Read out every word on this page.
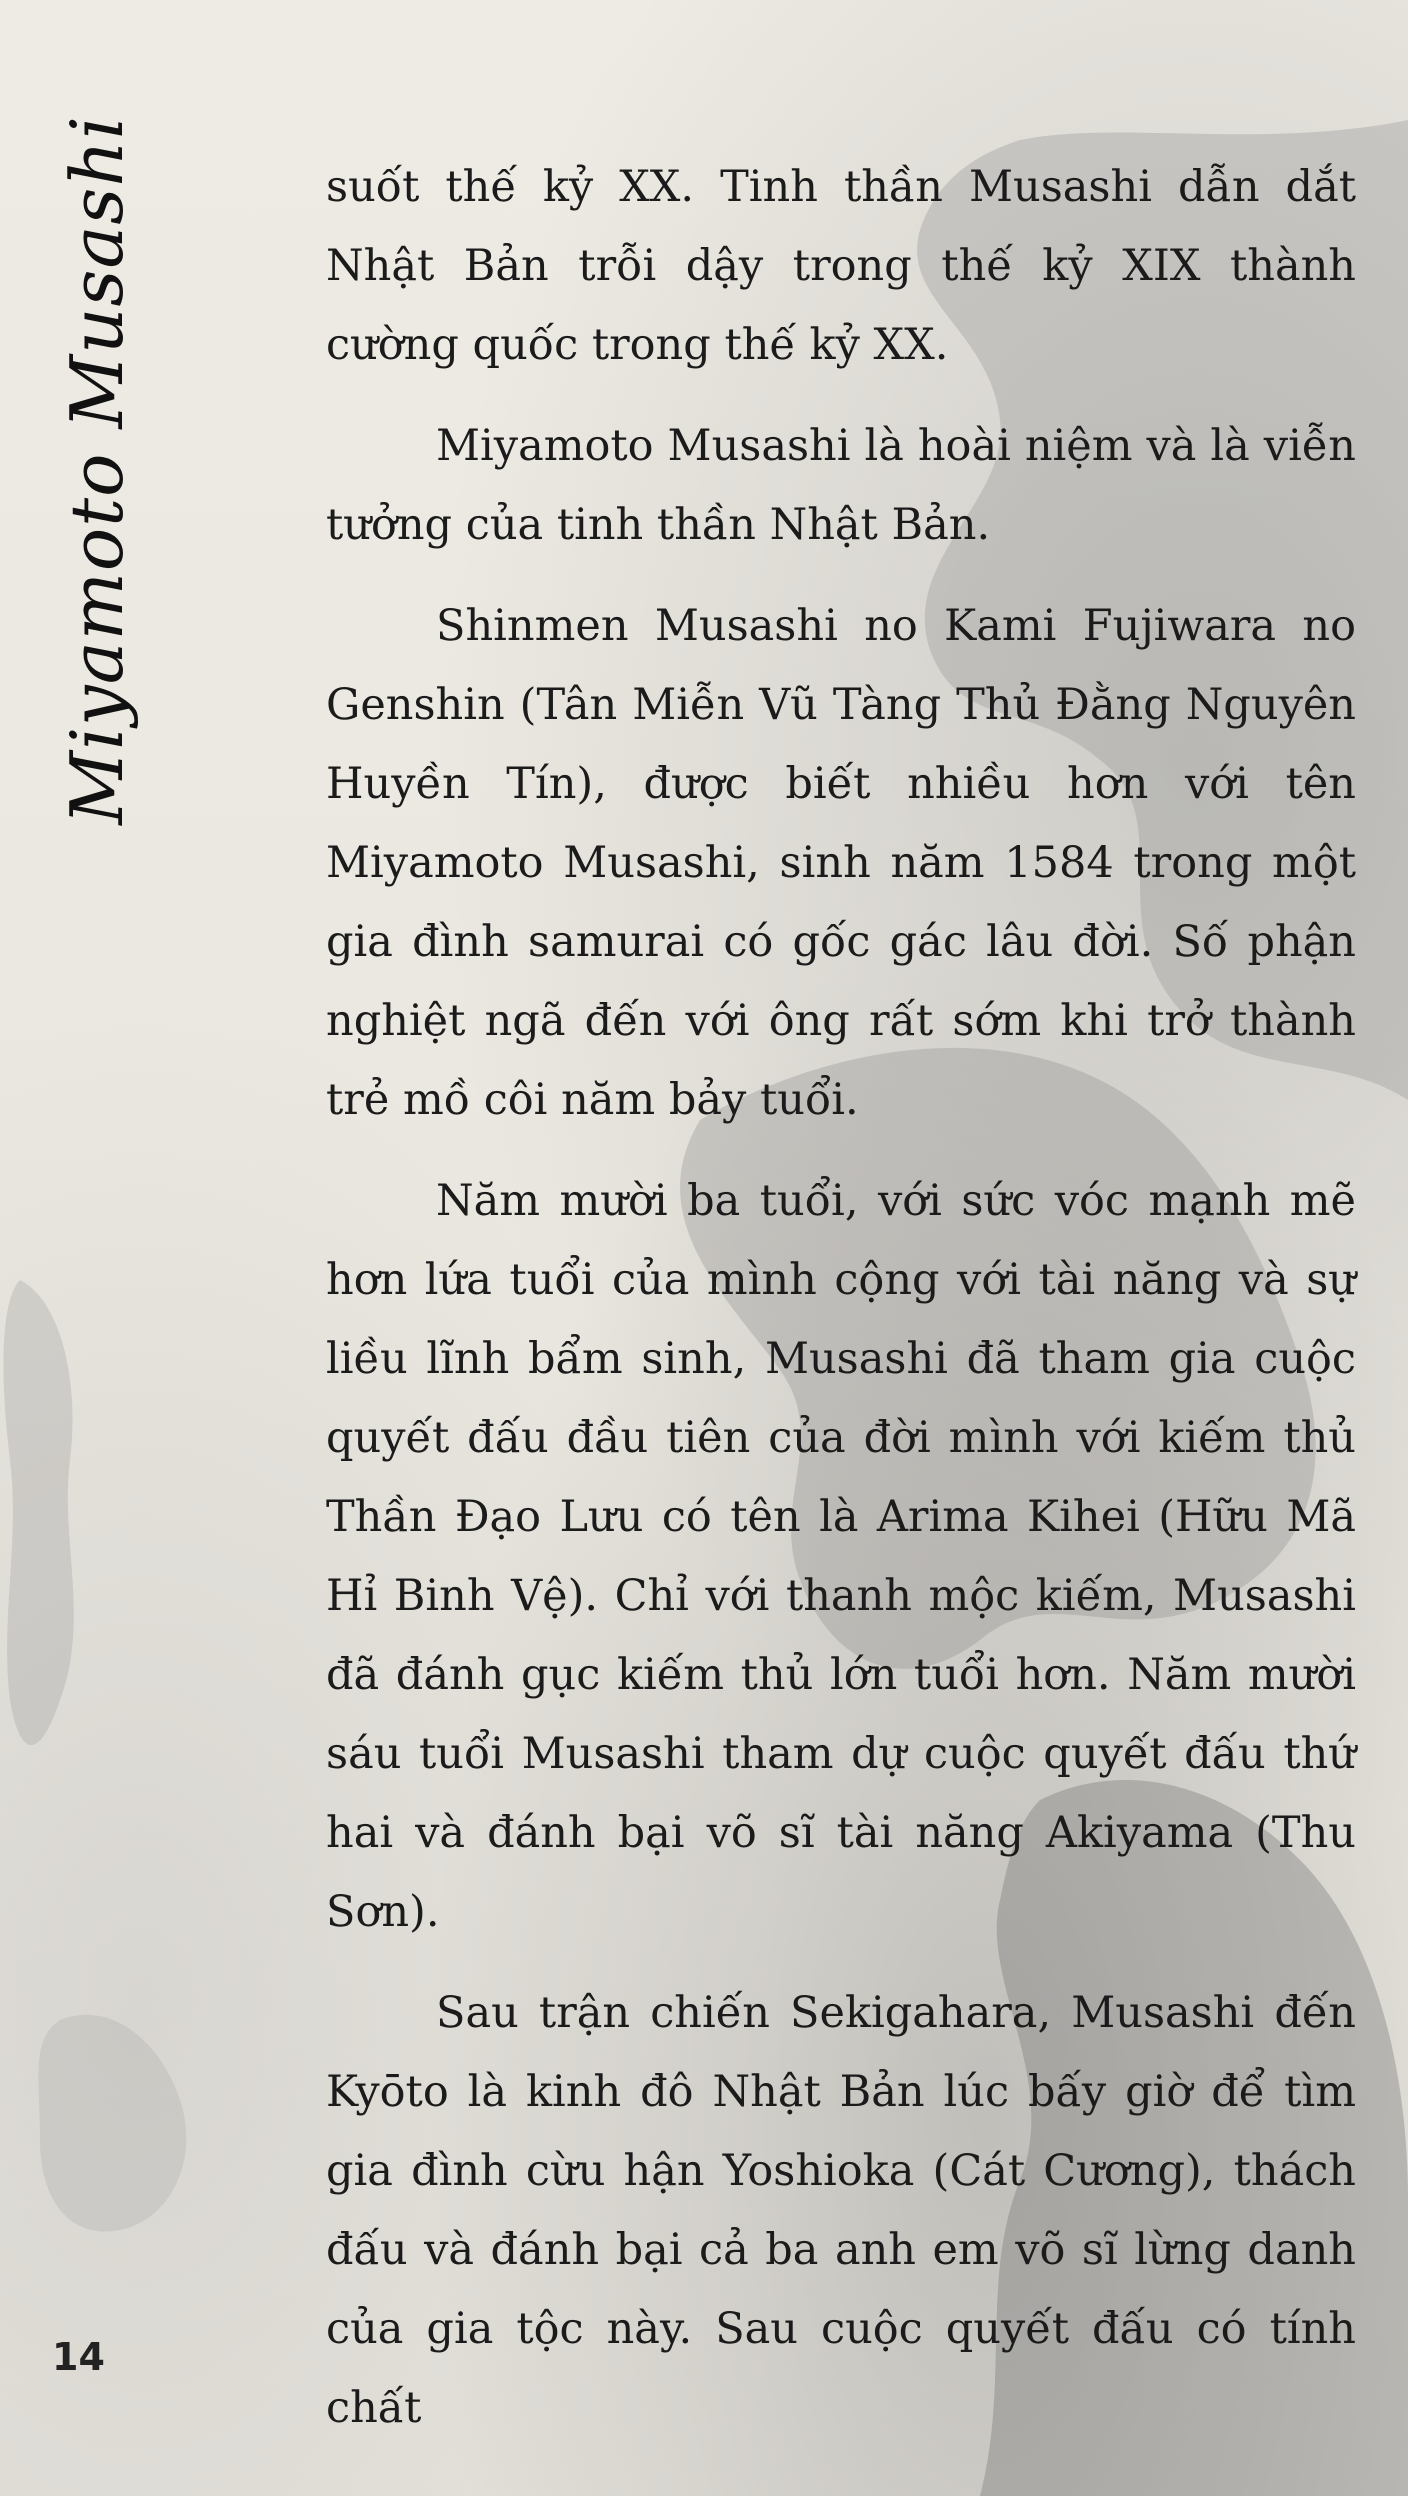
Miyamoto Musashi	suốt thế kỷ XX. Tinh thần Musashi dẫn dắt Nhật Bản trỗi dậy trong thế kỷ XIX thành cường quốc trong thế kỷ XX.

Miyamoto Musashi là hoài niệm và là viễn tưởng của tinh thần Nhật Bản.

Shinmen Musashi no Kami Fujiwara no Genshin (Tân Miễn Vũ Tàng Thủ Đằng Nguyên Huyền Tín), được biết nhiều hơn với tên Miyamoto Musashi, sinh năm 1584 trong một gia đình samurai có gốc gác lâu đời. Số phận nghiệt ngã đến với ông rất sớm khi trở thành trẻ mồ côi năm bảy tuổi.

Năm mười ba tuổi, với sức vóc mạnh mẽ hơn lứa tuổi của mình cộng với tài năng và sự liều lĩnh bẩm sinh, Musashi đã tham gia cuộc quyết đấu đầu tiên của đời mình với kiếm thủ Thần Đạo Lưu có tên là Arima Kihei (Hữu Mã Hỉ Binh Vệ). Chỉ với thanh mộc kiếm, Musashi đã đánh gục kiếm thủ lớn tuổi hơn. Năm mười sáu tuổi Musashi tham dự cuộc quyết đấu thứ hai và đánh bại võ sĩ tài năng Akiyama (Thu Sơn).

Sau trận chiến Sekigahara, Musashi đến Kyōto là kinh đô Nhật Bản lúc bấy giờ để tìm gia đình cừu hận Yoshioka (Cát Cương), thách đấu và đánh bại cả ba anh em võ sĩ lừng danh của gia tộc này. Sau cuộc quyết đấu có tính chất

14
